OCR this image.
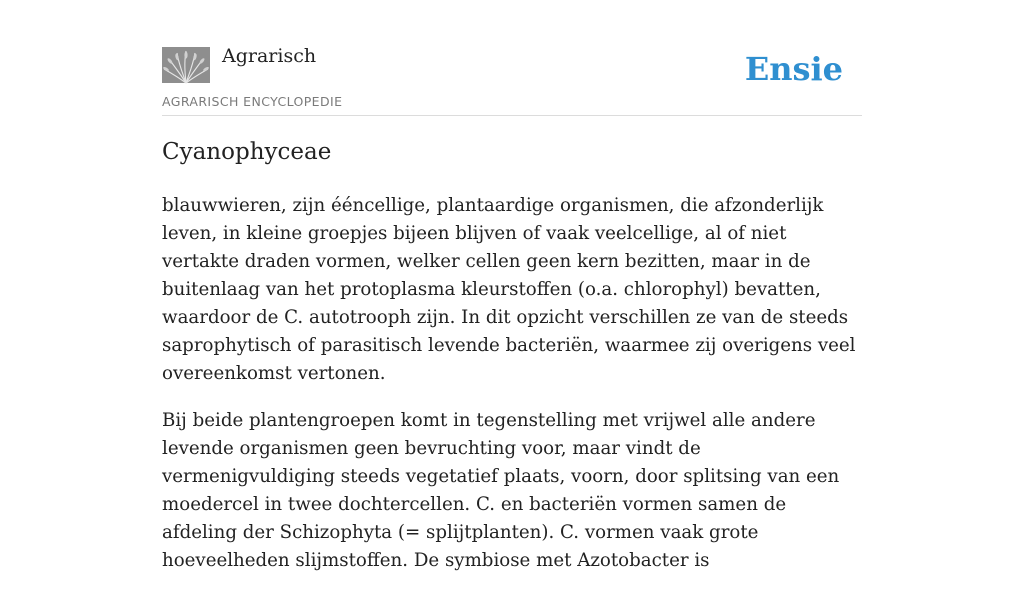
Agrarisch
AGRARISCH ENCYCLOPEDIE
Ensie
Cyanophyceae

blauwwieren, zijn ééncellige, plantaardige organismen, die afzonderlijk leven, in kleine groepjes bijeen blijven of vaak veelcellige, al of niet vertakte draden vormen, welker cellen geen kern bezitten, maar in de buitenlaag van het protoplasma kleurstoffen (o.a. chlorophyl) bevatten, waardoor de C. autotrooph zijn. In dit opzicht verschillen ze van de steeds saprophytisch of parasitisch levende bacteriën, waarmee zij overigens veel overeenkomst vertonen.

Bij beide plantengroepen komt in tegenstelling met vrijwel alle andere levende organismen geen bevruchting voor, maar vindt de vermenigvuldiging steeds vegetatief plaats, voorn, door splitsing van een moedercel in twee dochtercellen. C. en bacteriën vormen samen de afdeling der Schizophyta (= splijtplanten). C. vormen vaak grote hoeveelheden slijmstoffen. De symbiose met Azotobacter is
